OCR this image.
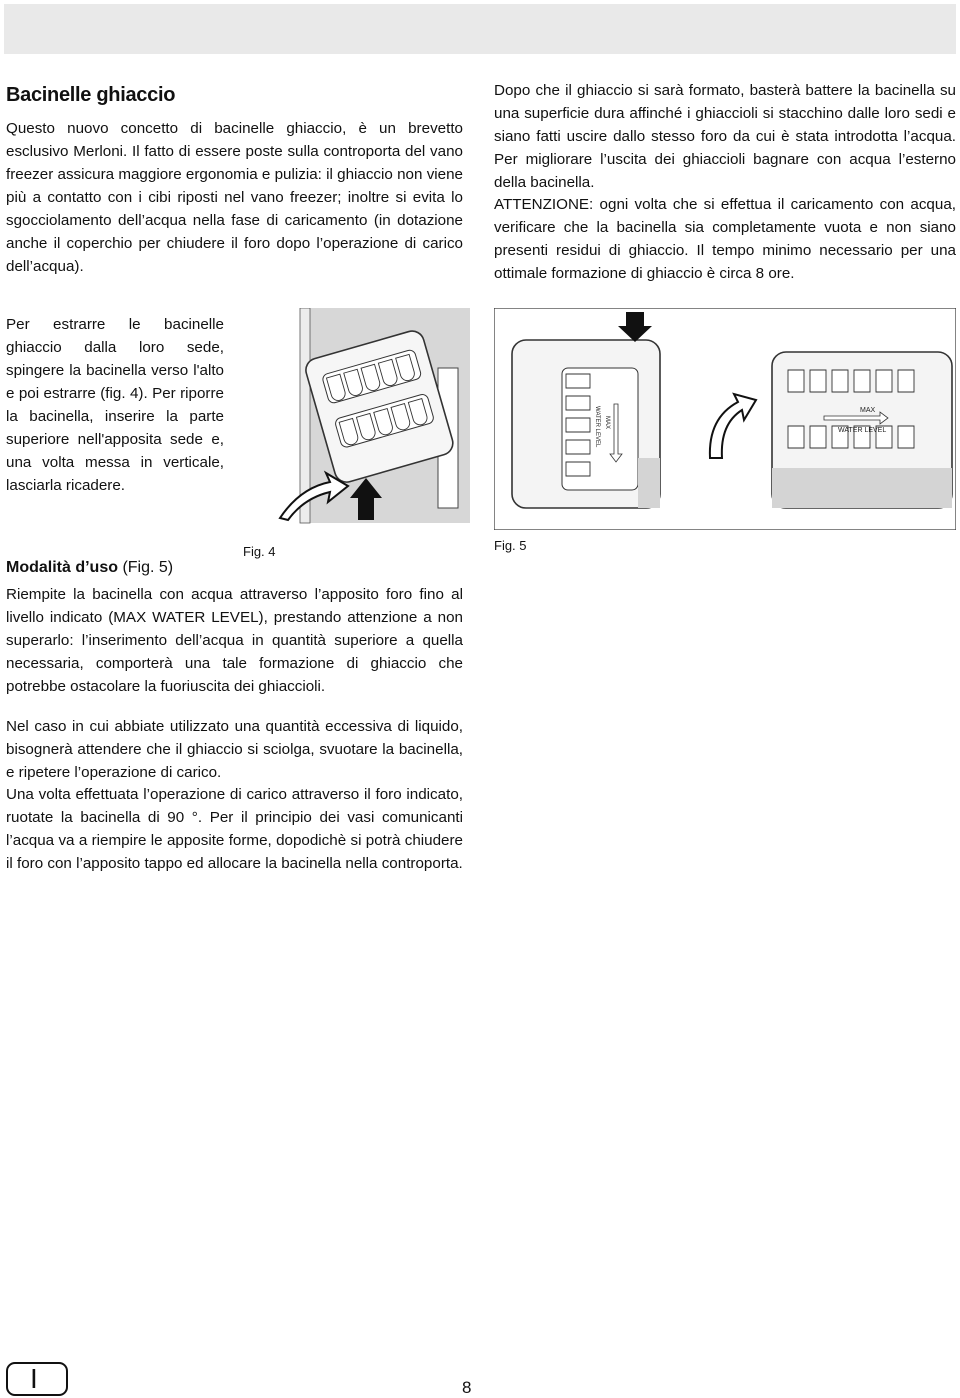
Bacinelle ghiaccio

Questo nuovo concetto di bacinelle ghiaccio, è un brevetto esclusivo Merloni. Il fatto di essere poste sulla controporta del vano freezer assicura maggiore ergonomia e pulizia: il ghiaccio non viene più a contatto con i cibi riposti nel vano freezer; inoltre si evita lo sgocciolamento dell’acqua nella fase di caricamento (in dotazione anche il coperchio per chiudere il foro dopo l’operazione di carico dell’acqua).

Dopo che il ghiaccio si sarà formato, basterà battere la bacinella su una superficie dura affinché i ghiaccioli si stacchino dalle loro sedi e siano fatti uscire dallo stesso foro da cui è stata introdotta l’acqua. Per migliorare l’uscita dei ghiaccioli bagnare con acqua l’esterno della bacinella.

ATTENZIONE: ogni volta che si effettua il caricamento con acqua, verificare che la bacinella sia completamente vuota e non siano presenti residui di ghiaccio. Il tempo minimo necessario per una ottimale formazione di ghiaccio è circa 8 ore.

Per estrarre le bacinelle ghiaccio dalla loro sede, spingere la bacinella verso l'alto e poi estrarre (fig. 4). Per riporre la bacinella, inserire la parte superiore nell'apposita sede e, una volta messa in verticale, lasciarla ricadere.

Fig. 4

MAX
WATER LEVEL	MAX
WATER LEVEL

Fig. 5

Modalità d’uso (Fig. 5)

Riempite la bacinella con acqua attraverso l’apposito foro fino al livello indicato (MAX WATER LEVEL), prestando attenzione a non superarlo: l’inserimento dell’acqua in quantità superiore a quella necessaria, comporterà una tale formazione di ghiaccio che potrebbe ostacolare la fuoriuscita dei ghiaccioli.

Nel caso in cui abbiate utilizzato una quantità eccessiva di liquido, bisognerà attendere che il ghiaccio si sciolga, svuotare la bacinella, e ripetere l’operazione di carico.

Una volta effettuata l’operazione di carico attraverso il foro indicato, ruotate la bacinella di 90 °. Per il principio dei vasi comunicanti l’acqua va a riempire le apposite forme, dopodichè si potrà chiudere il foro con l’apposito tappo ed allocare la bacinella nella controporta.

I	8
